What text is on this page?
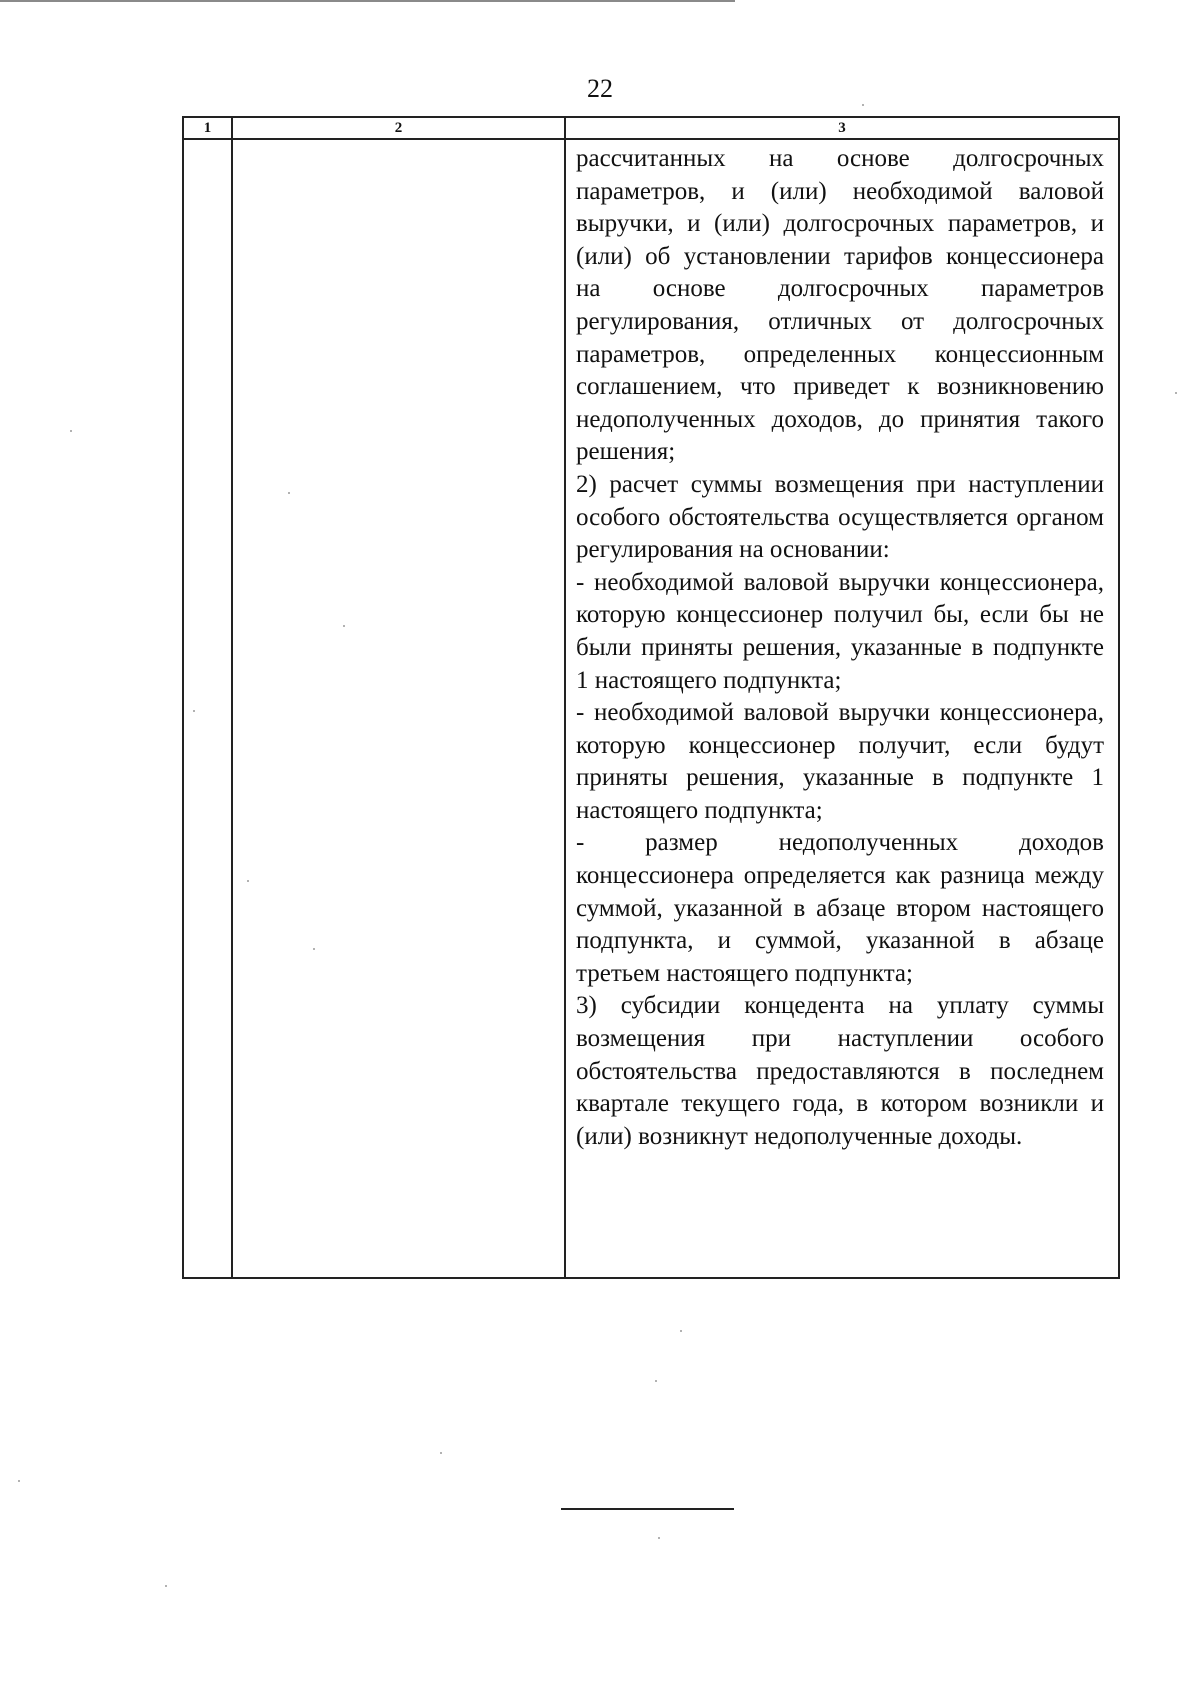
22
1	2	3

рассчитанных на основе долгосрочных параметров, и (или) необходимой валовой выручки, и (или) долгосрочных параметров, и (или) об установлении тарифов концессионера на основе долгосрочных параметров регулирования, отличных от долгосрочных параметров, определенных концессионным соглашением, что приведет к возникновению недополученных доходов, до принятия такого решения;

2) расчет суммы возмещения при наступлении особого обстоятельства осуществляется органом регулирования на основании:

- необходимой валовой выручки концессионера, которую концессионер получил бы, если бы не были приняты решения, указанные в подпункте 1 настоящего подпункта;

- необходимой валовой выручки концессионера, которую концессионер получит, если будут приняты решения, указанные в подпункте 1 настоящего подпункта;

- размер недополученных доходов концессионера определяется как разница между суммой, указанной в абзаце втором настоящего подпункта, и суммой, указанной в абзаце третьем настоящего подпункта;

3) субсидии концедента на уплату суммы возмещения при наступлении особого обстоятельства предоставляются в последнем квартале текущего года, в котором возникли и (или) возникнут недополученные доходы.
